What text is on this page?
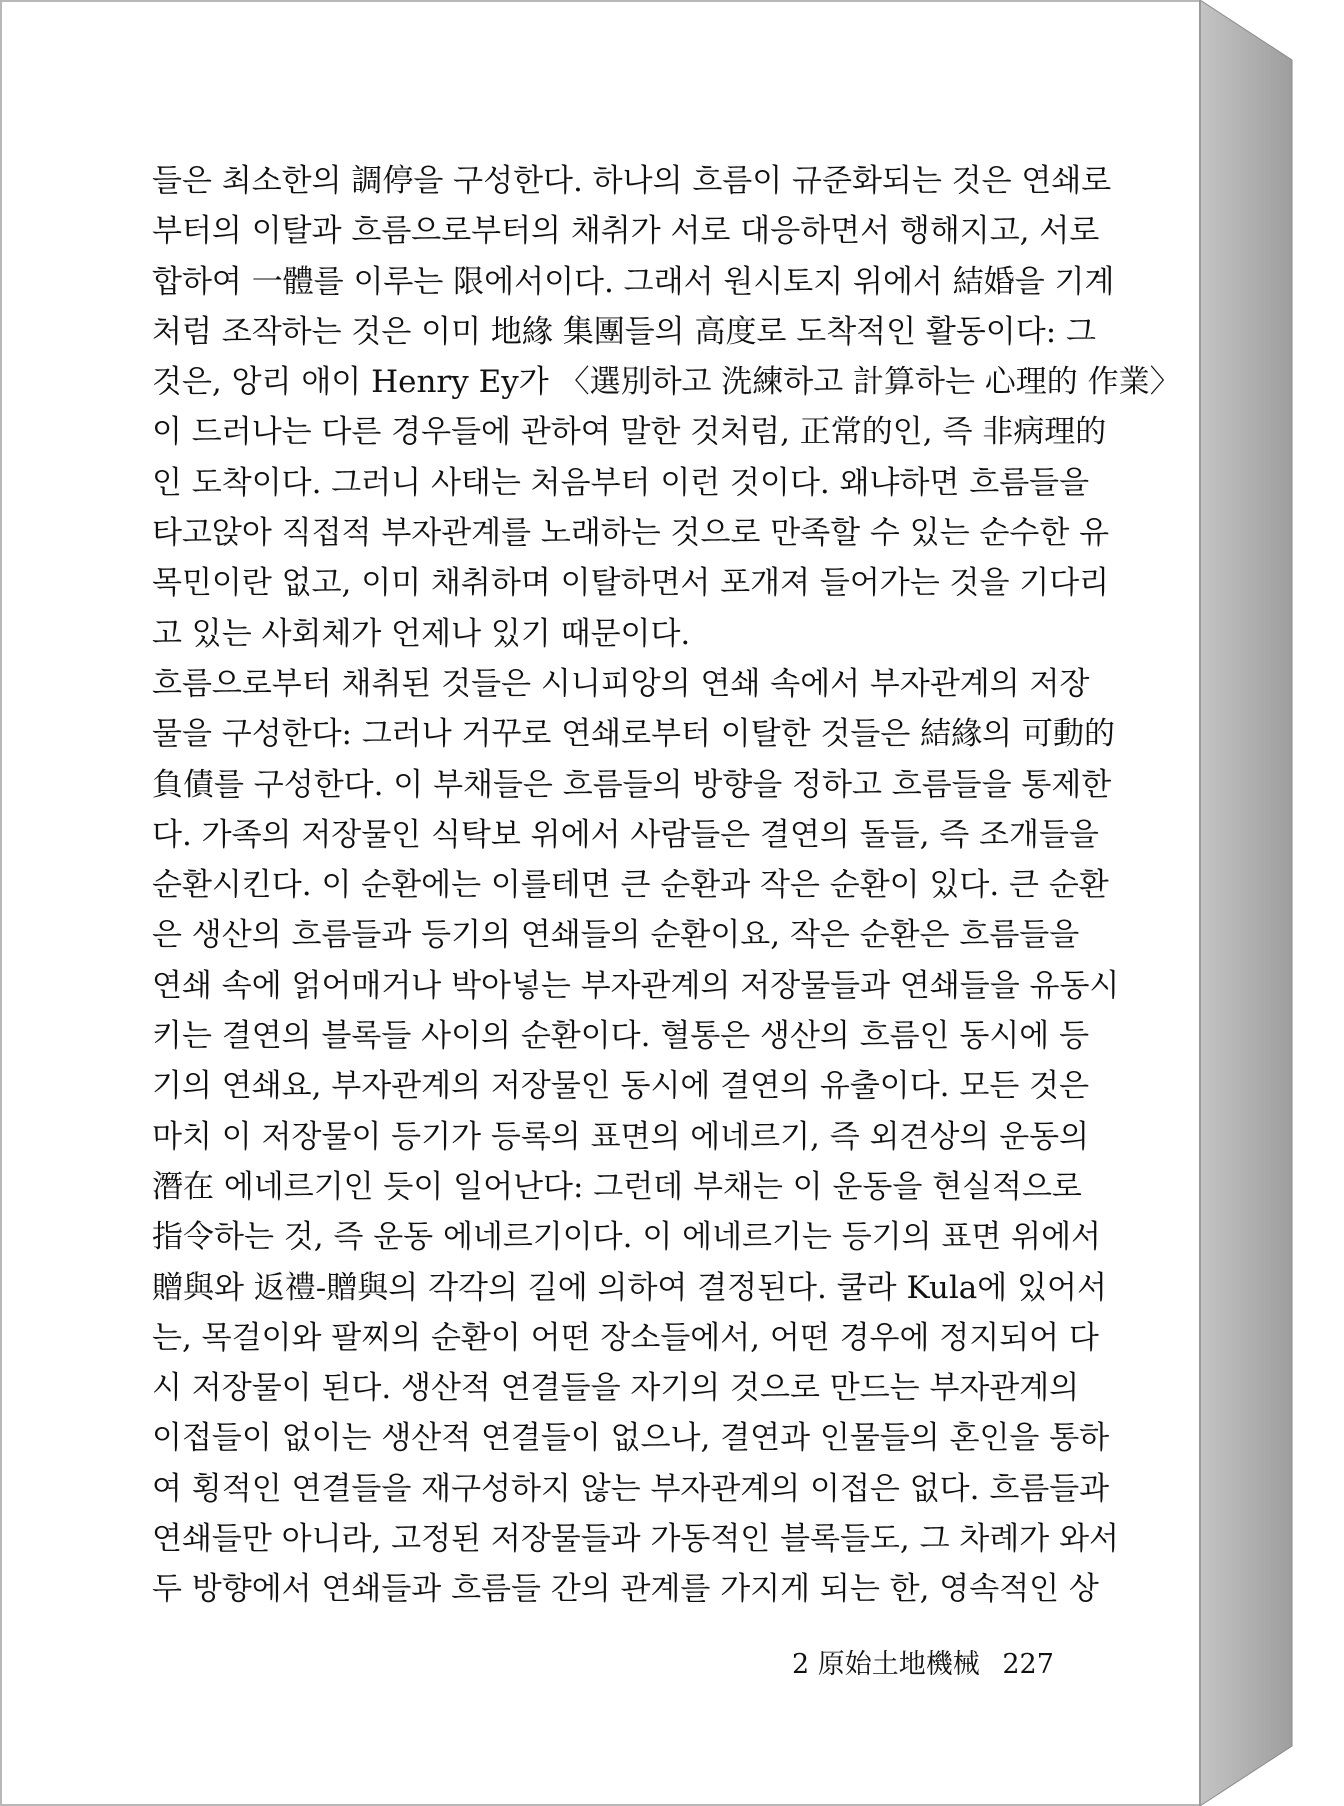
들은 최소한의 調停을 구성한다. 하나의 흐름이 규준화되는 것은 연쇄로
부터의 이탈과 흐름으로부터의 채취가 서로 대응하면서 행해지고, 서로
합하여 一體를 이루는 限에서이다. 그래서 원시토지 위에서 結婚을 기계
처럼 조작하는 것은 이미 地緣 集團들의 高度로 도착적인 활동이다: 그
것은, 앙리 애이 Henry Ey가 〈選別하고 洗練하고 計算하는 心理的 作業〉
이 드러나는 다른 경우들에 관하여 말한 것처럼, 正常的인, 즉 非病理的
인 도착이다. 그러니 사태는 처음부터 이런 것이다. 왜냐하면 흐름들을
타고앉아 직접적 부자관계를 노래하는 것으로 만족할 수 있는 순수한 유
목민이란 없고, 이미 채취하며 이탈하면서 포개져 들어가는 것을 기다리
고 있는 사회체가 언제나 있기 때문이다.
흐름으로부터 채취된 것들은 시니피앙의 연쇄 속에서 부자관계의 저장
물을 구성한다: 그러나 거꾸로 연쇄로부터 이탈한 것들은 結緣의 可動的
負債를 구성한다. 이 부채들은 흐름들의 방향을 정하고 흐름들을 통제한
다. 가족의 저장물인 식탁보 위에서 사람들은 결연의 돌들, 즉 조개들을
순환시킨다. 이 순환에는 이를테면 큰 순환과 작은 순환이 있다. 큰 순환
은 생산의 흐름들과 등기의 연쇄들의 순환이요, 작은 순환은 흐름들을
연쇄 속에 얽어매거나 박아넣는 부자관계의 저장물들과 연쇄들을 유동시
키는 결연의 블록들 사이의 순환이다. 혈통은 생산의 흐름인 동시에 등
기의 연쇄요, 부자관계의 저장물인 동시에 결연의 유출이다. 모든 것은
마치 이 저장물이 등기가 등록의 표면의 에네르기, 즉 외견상의 운동의
潛在 에네르기인 듯이 일어난다: 그런데 부채는 이 운동을 현실적으로
指令하는 것, 즉 운동 에네르기이다. 이 에네르기는 등기의 표면 위에서
贈與와 返禮-贈與의 각각의 길에 의하여 결정된다. 쿨라 Kula에 있어서
는, 목걸이와 팔찌의 순환이 어떤 장소들에서, 어떤 경우에 정지되어 다
시 저장물이 된다. 생산적 연결들을 자기의 것으로 만드는 부자관계의
이접들이 없이는 생산적 연결들이 없으나, 결연과 인물들의 혼인을 통하
여 횡적인 연결들을 재구성하지 않는 부자관계의 이접은 없다. 흐름들과
연쇄들만 아니라, 고정된 저장물들과 가동적인 블록들도, 그 차례가 와서
두 방향에서 연쇄들과 흐름들 간의 관계를 가지게 되는 한, 영속적인 상
2 原始土地機械 227
